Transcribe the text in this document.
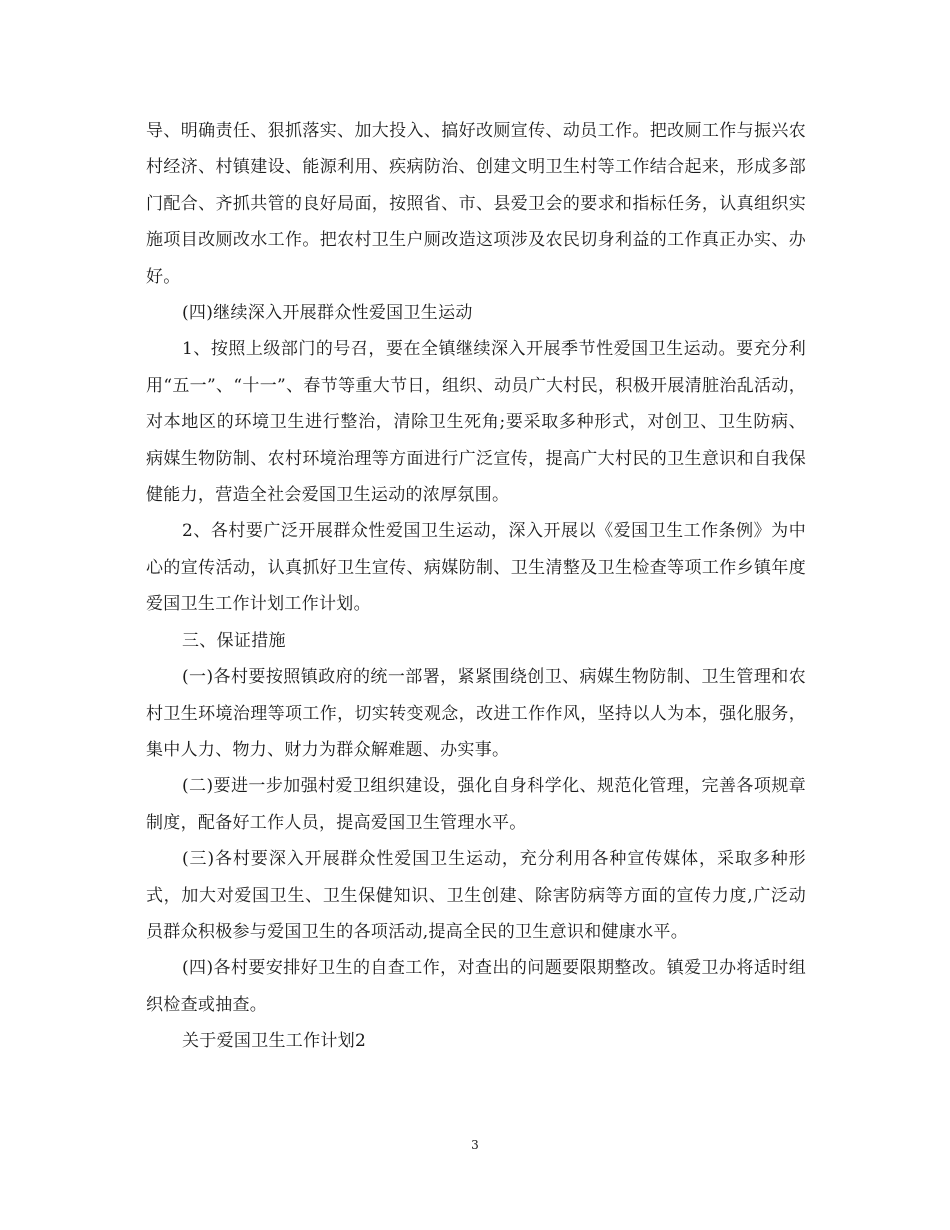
导、明确责任、狠抓落实、加大投入、搞好改厕宣传、动员工作。把改厕工作与振兴农村经济、村镇建设、能源利用、疾病防治、创建文明卫生村等工作结合起来，形成多部门配合、齐抓共管的良好局面，按照省、市、县爱卫会的要求和指标任务，认真组织实施项目改厕改水工作。把农村卫生户厕改造这项涉及农民切身利益的工作真正办实、办好。

(四)继续深入开展群众性爱国卫生运动

1、按照上级部门的号召，要在全镇继续深入开展季节性爱国卫生运动。要充分利用“五一”、“十一”、春节等重大节日，组织、动员广大村民，积极开展清脏治乱活动，对本地区的环境卫生进行整治，清除卫生死角;要采取多种形式，对创卫、卫生防病、病媒生物防制、农村环境治理等方面进行广泛宣传，提高广大村民的卫生意识和自我保健能力，营造全社会爱国卫生运动的浓厚氛围。

2、各村要广泛开展群众性爱国卫生运动，深入开展以《爱国卫生工作条例》为中心的宣传活动，认真抓好卫生宣传、病媒防制、卫生清整及卫生检查等项工作乡镇年度爱国卫生工作计划工作计划。

三、保证措施

(一)各村要按照镇政府的统一部署，紧紧围绕创卫、病媒生物防制、卫生管理和农村卫生环境治理等项工作，切实转变观念，改进工作作风，坚持以人为本，强化服务，集中人力、物力、财力为群众解难题、办实事。

(二)要进一步加强村爱卫组织建设，强化自身科学化、规范化管理，完善各项规章制度，配备好工作人员，提高爱国卫生管理水平。

(三)各村要深入开展群众性爱国卫生运动，充分利用各种宣传媒体，采取多种形式，加大对爱国卫生、卫生保健知识、卫生创建、除害防病等方面的宣传力度,广泛动员群众积极参与爱国卫生的各项活动,提高全民的卫生意识和健康水平。

(四)各村要安排好卫生的自查工作，对查出的问题要限期整改。镇爱卫办将适时组织检查或抽查。

关于爱国卫生工作计划2

3
